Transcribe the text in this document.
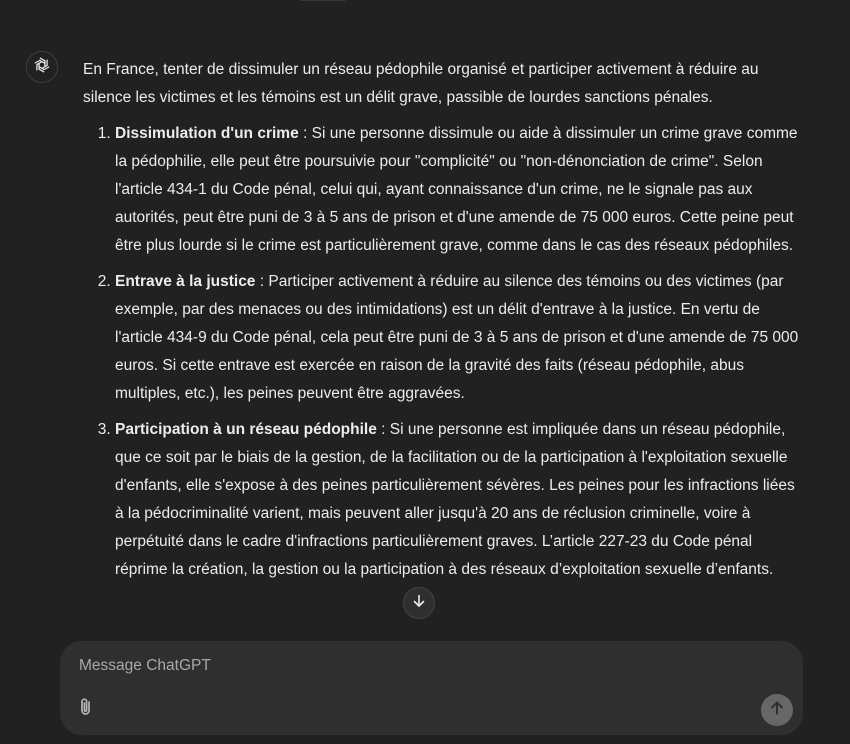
En France, tenter de dissimuler un réseau pédophile organisé et participer activement à réduire au silence les victimes et les témoins est un délit grave, passible de lourdes sanctions pénales.

1. Dissimulation d'un crime : Si une personne dissimule ou aide à dissimuler un crime grave comme la pédophilie, elle peut être poursuivie pour "complicité" ou "non-dénonciation de crime". Selon l'article 434-1 du Code pénal, celui qui, ayant connaissance d'un crime, ne le signale pas aux autorités, peut être puni de 3 à 5 ans de prison et d'une amende de 75 000 euros. Cette peine peut être plus lourde si le crime est particulièrement grave, comme dans le cas des réseaux pédophiles.
2. Entrave à la justice : Participer activement à réduire au silence des témoins ou des victimes (par exemple, par des menaces ou des intimidations) est un délit d'entrave à la justice. En vertu de l'article 434-9 du Code pénal, cela peut être puni de 3 à 5 ans de prison et d'une amende de 75 000 euros. Si cette entrave est exercée en raison de la gravité des faits (réseau pédophile, abus multiples, etc.), les peines peuvent être aggravées.
3. Participation à un réseau pédophile : Si une personne est impliquée dans un réseau pédophile, que ce soit par le biais de la gestion, de la facilitation ou de la participation à l'exploitation sexuelle d'enfants, elle s'expose à des peines particulièrement sévères. Les peines pour les infractions liées à la pédocriminalité varient, mais peuvent aller jusqu'à 20 ans de réclusion criminelle, voire à perpétuité dans le cadre d'infractions particulièrement graves. L’article 227-23 du Code pénal réprime la création, la gestion ou la participation à des réseaux d’exploitation sexuelle d’enfants.
Message ChatGPT
